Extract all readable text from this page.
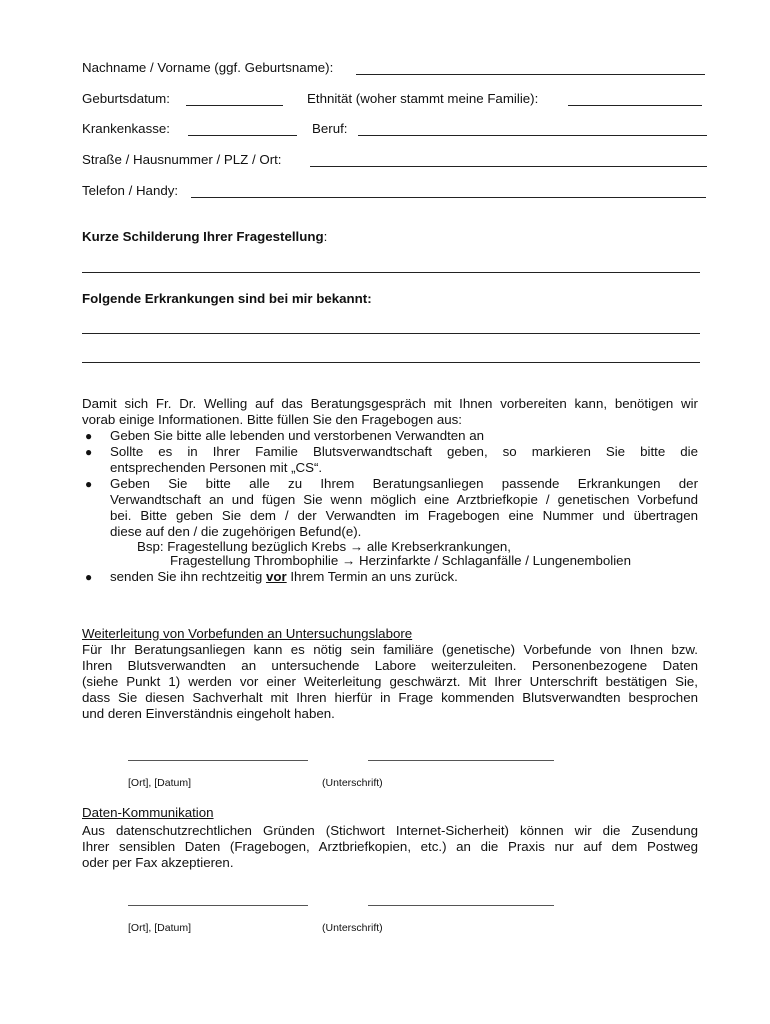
Nachname / Vorname (ggf. Geburtsname):
Geburtsdatum:	Ethnität (woher stammt meine Familie):
Krankenkasse:	Beruf:
Straße / Hausnummer / PLZ / Ort:
Telefon / Handy:
Kurze Schilderung Ihrer Fragestellung:
Folgende Erkrankungen sind bei mir bekannt:
Damit sich Fr. Dr. Welling auf das Beratungsgespräch mit Ihnen vorbereiten kann, benötigen wir
vorab einige Informationen. Bitte füllen Sie den Fragebogen aus:
● Geben Sie bitte alle lebenden und verstorbenen Verwandten an
● Sollte es in Ihrer Familie Blutsverwandtschaft geben, so markieren Sie bitte die
entsprechenden Personen mit „CS“.
● Geben Sie bitte alle zu Ihrem Beratungsanliegen passende Erkrankungen der
Verwandtschaft an und fügen Sie wenn möglich eine Arztbriefkopie / genetischen Vorbefund
bei. Bitte geben Sie dem / der Verwandten im Fragebogen eine Nummer und übertragen
diese auf den / die zugehörigen Befund(e).
Bsp: Fragestellung bezüglich Krebs → alle Krebserkrankungen,
Fragestellung Thrombophilie → Herzinfarkte / Schlaganfälle / Lungenembolien
● senden Sie ihn rechtzeitig vor Ihrem Termin an uns zurück.
Weiterleitung von Vorbefunden an Untersuchungslabore
Für Ihr Beratungsanliegen kann es nötig sein familiäre (genetische) Vorbefunde von Ihnen bzw.
Ihren Blutsverwandten an untersuchende Labore weiterzuleiten. Personenbezogene Daten
(siehe Punkt 1) werden vor einer Weiterleitung geschwärzt. Mit Ihrer Unterschrift bestätigen Sie,
dass Sie diesen Sachverhalt mit Ihren hierfür in Frage kommenden Blutsverwandten besprochen
und deren Einverständnis eingeholt haben.
[Ort], [Datum]	(Unterschrift)
Daten-Kommunikation
Aus datenschutzrechtlichen Gründen (Stichwort Internet-Sicherheit) können wir die Zusendung
Ihrer sensiblen Daten (Fragebogen, Arztbriefkopien, etc.) an die Praxis nur auf dem Postweg
oder per Fax akzeptieren.
[Ort], [Datum]	(Unterschrift)
